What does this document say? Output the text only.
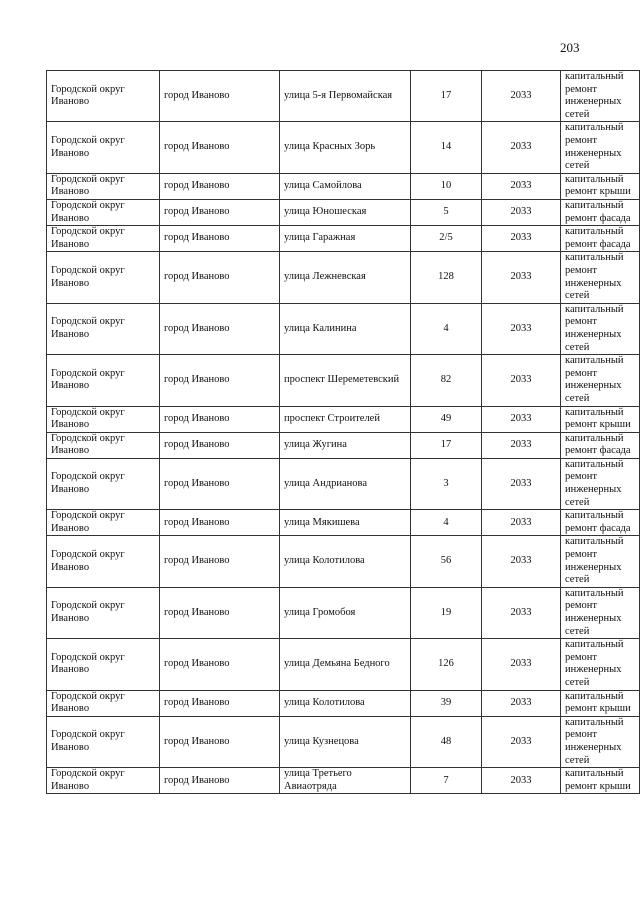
203
Городской округ Иваново	город Иваново	улица 5-я Первомайская	17	2033	капитальный ремонт инженерных сетей
Городской округ Иваново	город Иваново	улица Красных Зорь	14	2033	капитальный ремонт инженерных сетей
Городской округ Иваново	город Иваново	улица Самойлова	10	2033	капитальный ремонт крыши
Городской округ Иваново	город Иваново	улица Юношеская	5	2033	капитальный ремонт фасада
Городской округ Иваново	город Иваново	улица Гаражная	2/5	2033	капитальный ремонт фасада
Городской округ Иваново	город Иваново	улица Лежневская	128	2033	капитальный ремонт инженерных сетей
Городской округ Иваново	город Иваново	улица Калинина	4	2033	капитальный ремонт инженерных сетей
Городской округ Иваново	город Иваново	проспект Шереметевский	82	2033	капитальный ремонт инженерных сетей
Городской округ Иваново	город Иваново	проспект Строителей	49	2033	капитальный ремонт крыши
Городской округ Иваново	город Иваново	улица Жугина	17	2033	капитальный ремонт фасада
Городской округ Иваново	город Иваново	улица Андрианова	3	2033	капитальный ремонт инженерных сетей
Городской округ Иваново	город Иваново	улица Мякишева	4	2033	капитальный ремонт фасада
Городской округ Иваново	город Иваново	улица Колотилова	56	2033	капитальный ремонт инженерных сетей
Городской округ Иваново	город Иваново	улица Громобоя	19	2033	капитальный ремонт инженерных сетей
Городской округ Иваново	город Иваново	улица Демьяна Бедного	126	2033	капитальный ремонт инженерных сетей
Городской округ Иваново	город Иваново	улица Колотилова	39	2033	капитальный ремонт крыши
Городской округ Иваново	город Иваново	улица Кузнецова	48	2033	капитальный ремонт инженерных сетей
Городской округ Иваново	город Иваново	улица Третьего Авиаотряда	7	2033	капитальный ремонт крыши
